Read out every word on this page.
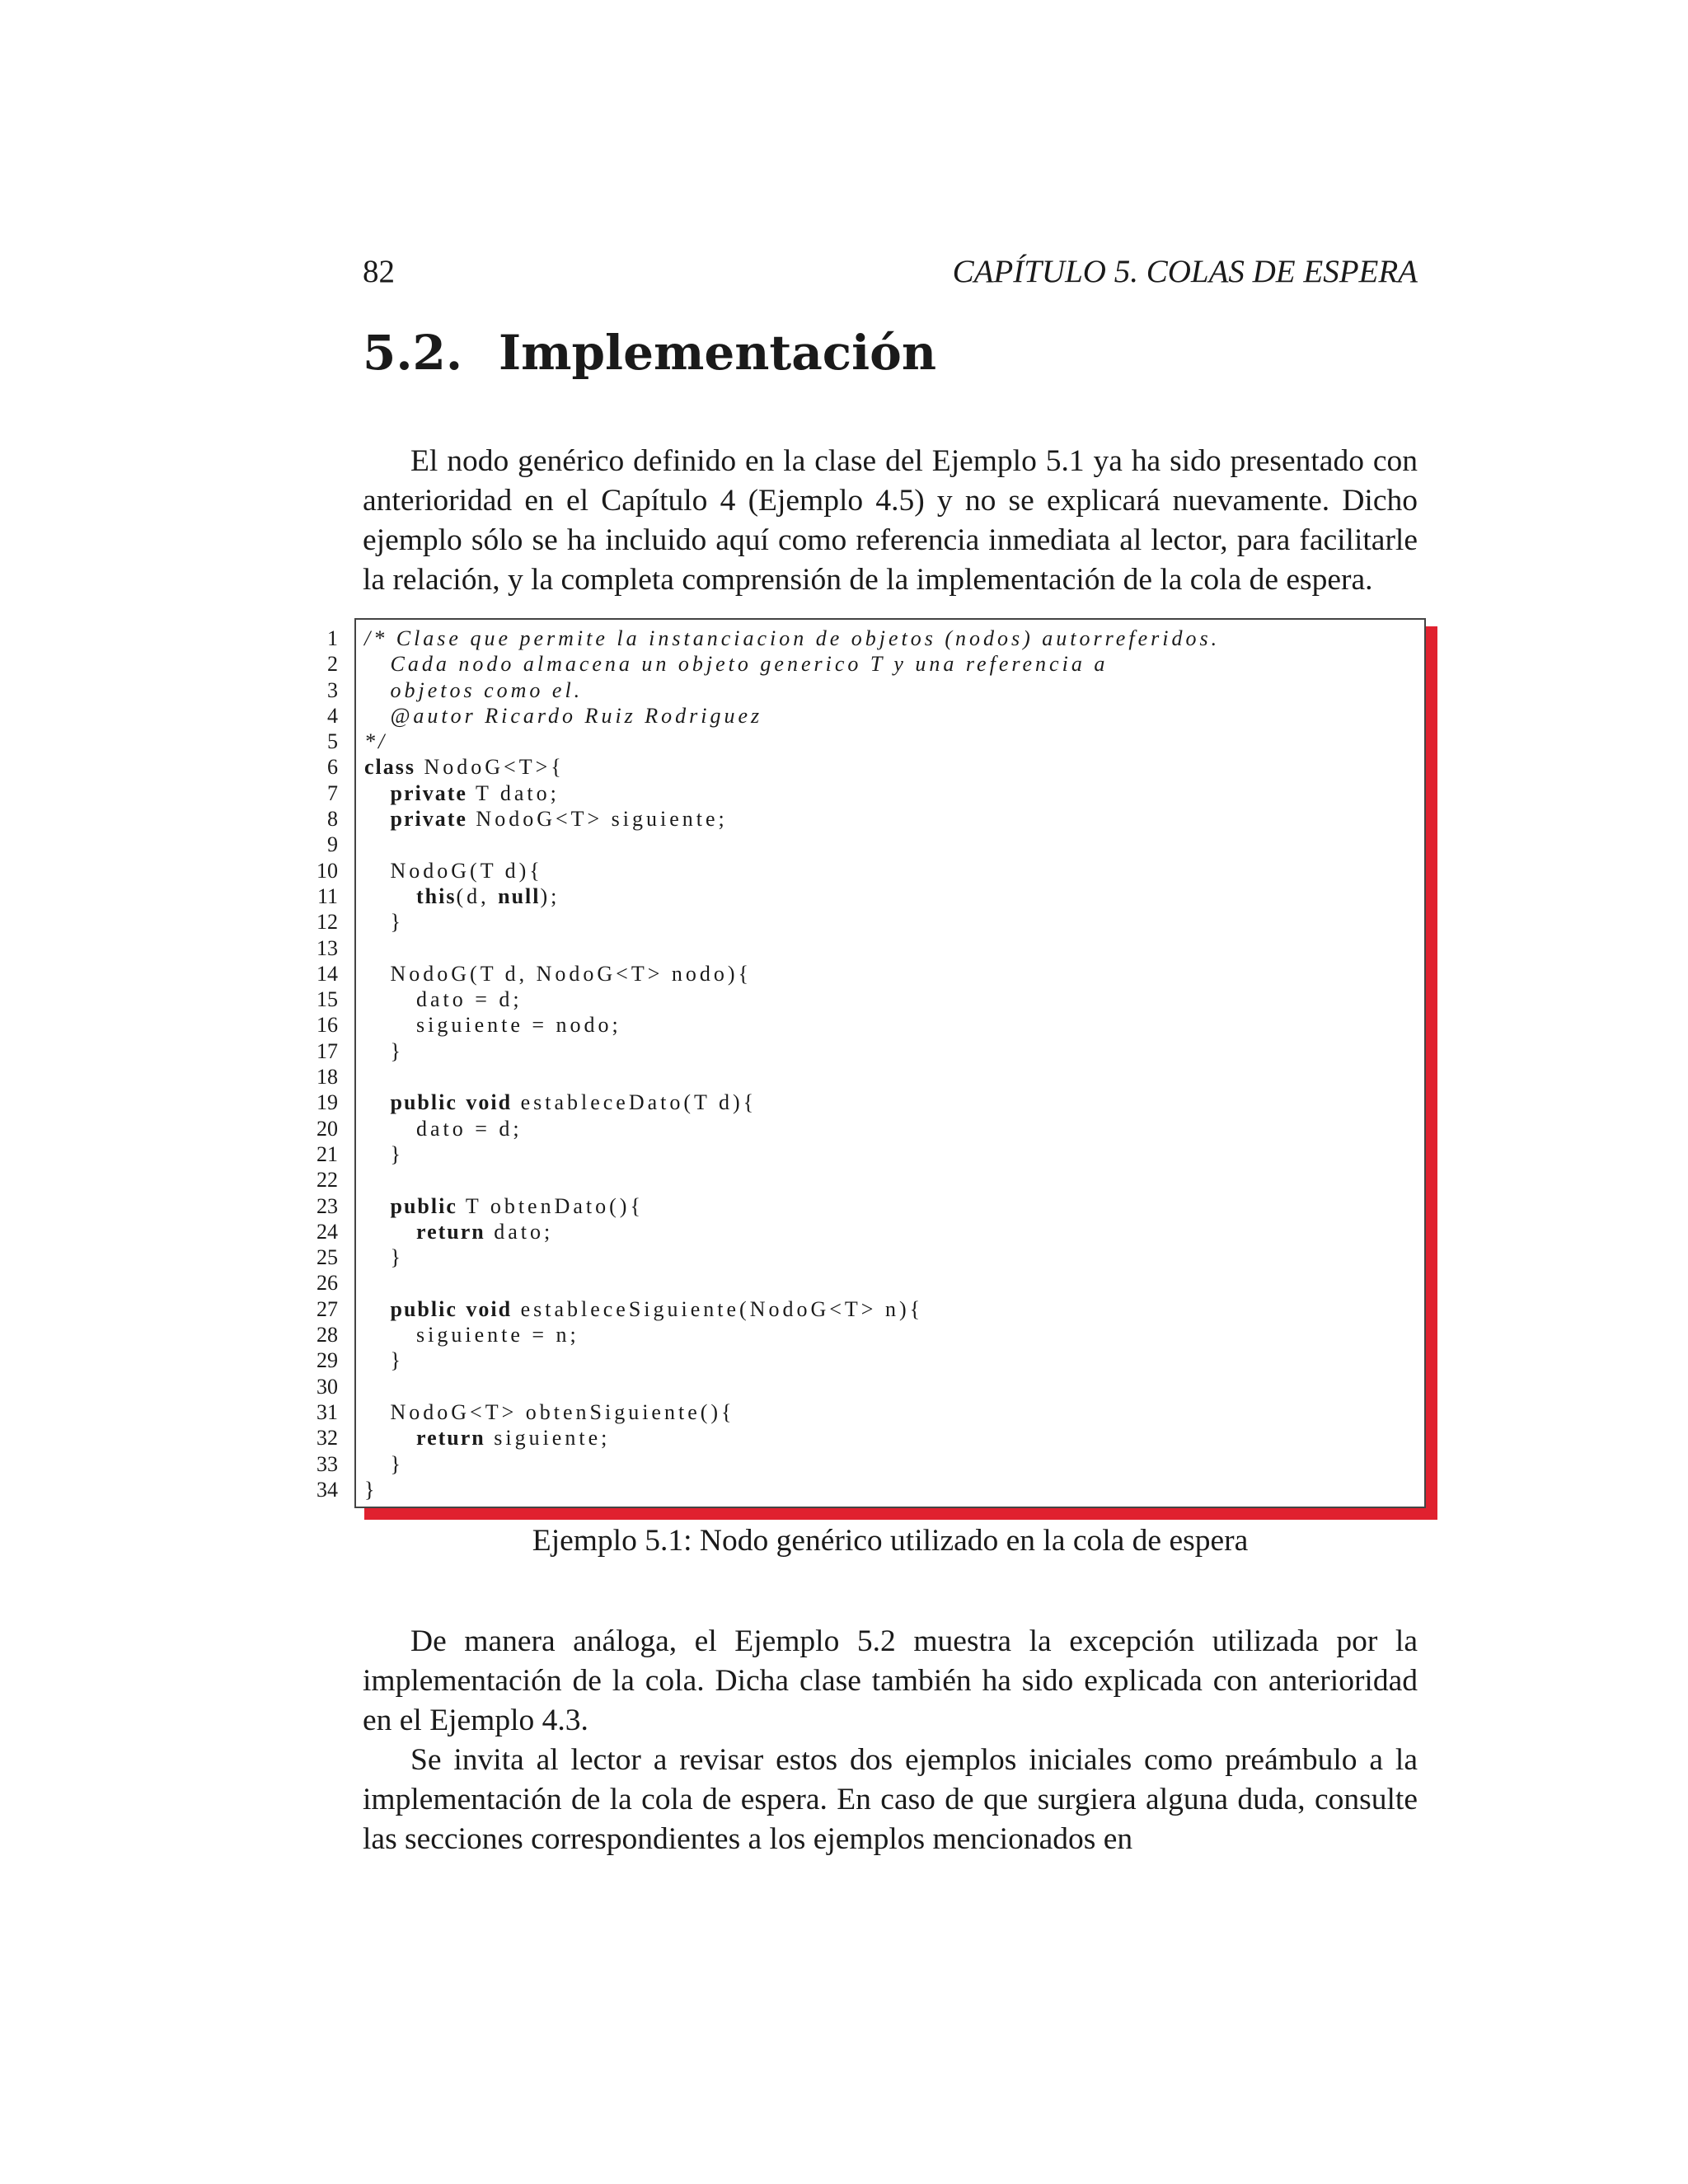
82	CAPÍTULO 5. COLAS DE ESPERA
5.2. Implementación

El nodo genérico definido en la clase del Ejemplo 5.1 ya ha sido presentado con anterioridad en el Capítulo 4 (Ejemplo 4.5) y no se explicará nuevamente. Dicho ejemplo sólo se ha incluido aquí como referencia inmediata al lector, para facilitarle la relación, y la completa comprensión de la implementación de la cola de espera.

1
2
3
4
5
6
7
8
9
10
11
12
13
14
15
16
17
18
19
20
21
22
23
24
25
26
27
28
29
30
31
32
33
34
/* Clase que permite la instanciacion de objetos (nodos) autorreferidos.
Cada nodo almacena un objeto generico T y una referencia a
objetos como el.
@autor Ricardo Ruiz Rodriguez
*/
class NodoG<T>{
private T dato;
private NodoG<T> siguiente;
NodoG(T d){
this(d, null);
}
NodoG(T d, NodoG<T> nodo){
dato = d;
siguiente = nodo;
}
public void estableceDato(T d){
dato = d;
}
public T obtenDato(){
return dato;
}
public void estableceSiguiente(NodoG<T> n){
siguiente = n;
}
NodoG<T> obtenSiguiente(){
return siguiente;
}
}
Ejemplo 5.1: Nodo genérico utilizado en la cola de espera

De manera análoga, el Ejemplo 5.2 muestra la excepción utilizada por la implementación de la cola. Dicha clase también ha sido explicada con anterioridad en el Ejemplo 4.3.

Se invita al lector a revisar estos dos ejemplos iniciales como preámbulo a la implementación de la cola de espera. En caso de que surgiera alguna duda, consulte las secciones correspondientes a los ejemplos mencionados en
